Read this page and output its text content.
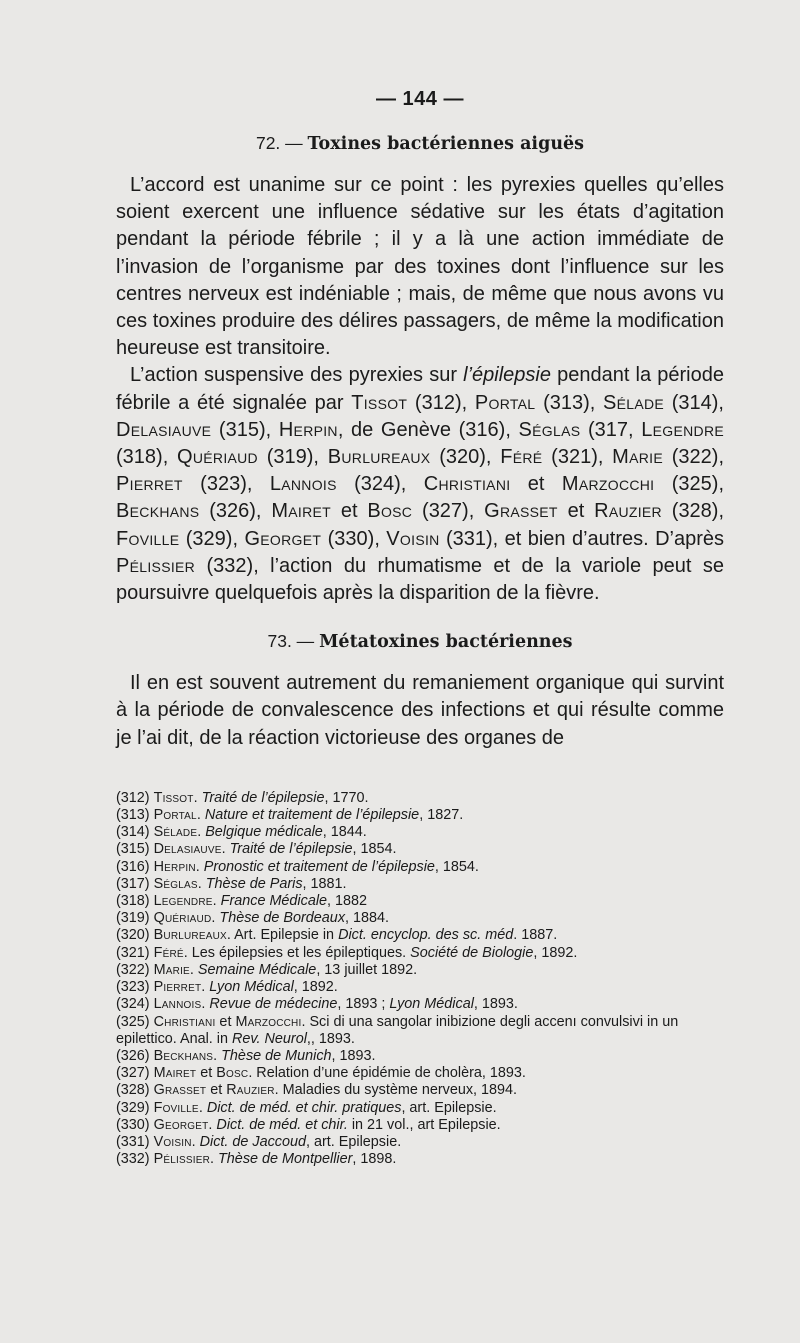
— 144 —
72. — Toxines bactériennes aiguës

L’accord est unanime sur ce point : les pyrexies quelles qu’elles soient exercent une influence sédative sur les états d’agitation pendant la période fébrile ; il y a là une action immédiate de l’invasion de l’organisme par des toxines dont l’influence sur les centres nerveux est indéniable ; mais, de même que nous avons vu ces toxines produire des délires passagers, de même la modification heureuse est transitoire.

L’action suspensive des pyrexies sur l’épilepsie pendant la période fébrile a été signalée par Tissot (312), Portal (313), Sélade (314), Delasiauve (315), Herpin, de Genève (316), Séglas (317, Legendre (318), Quériaud (319), Burlureaux (320), Féré (321), Marie (322), Pierret (323), Lannois (324), Christiani et Marzocchi (325), Beckhans (326), Mairet et Bosc (327), Grasset et Rauzier (328), Foville (329), Georget (330), Voisin (331), et bien d’autres. D’après Pélissier (332), l’action du rhumatisme et de la variole peut se poursuivre quelquefois après la disparition de la fièvre.

73. — Métatoxines bactériennes

Il en est souvent autrement du remaniement organique qui survint à la période de convalescence des infections et qui résulte comme je l’ai dit, de la réaction victorieuse des organes de

(312) Tissot. Traité de l’épilepsie, 1770.

(313) Portal. Nature et traitement de l’épilepsie, 1827.

(314) Sélade. Belgique médicale, 1844.

(315) Delasiauve. Traité de l’épilepsie, 1854.

(316) Herpin. Pronostic et traitement de l’épilepsie, 1854.

(317) Séglas. Thèse de Paris, 1881.

(318) Legendre. France Médicale, 1882

(319) Quériaud. Thèse de Bordeaux, 1884.

(320) Burlureaux. Art. Epilepsie in Dict. encyclop. des sc. méd. 1887.

(321) Féré. Les épilepsies et les épileptiques. Société de Biologie, 1892.

(322) Marie. Semaine Médicale, 13 juillet 1892.

(323) Pierret. Lyon Médical, 1892.

(324) Lannois. Revue de médecine, 1893 ; Lyon Médical, 1893.

(325) Christiani et Marzocchi. Sci di una sangolar inibizione degli accenı convulsivi in un epilettico. Anal. in Rev. Neurol,, 1893.

(326) Beckhans. Thèse de Munich, 1893.

(327) Mairet et Bosc. Relation d’une épidémie de cholèra, 1893.

(328) Grasset et Rauzier. Maladies du système nerveux, 1894.

(329) Foville. Dict. de méd. et chir. pratiques, art. Epilepsie.

(330) Georget. Dict. de méd. et chir. in 21 vol., art Epilepsie.

(331) Voisin. Dict. de Jaccoud, art. Epilepsie.

(332) Pélissier. Thèse de Montpellier, 1898.
